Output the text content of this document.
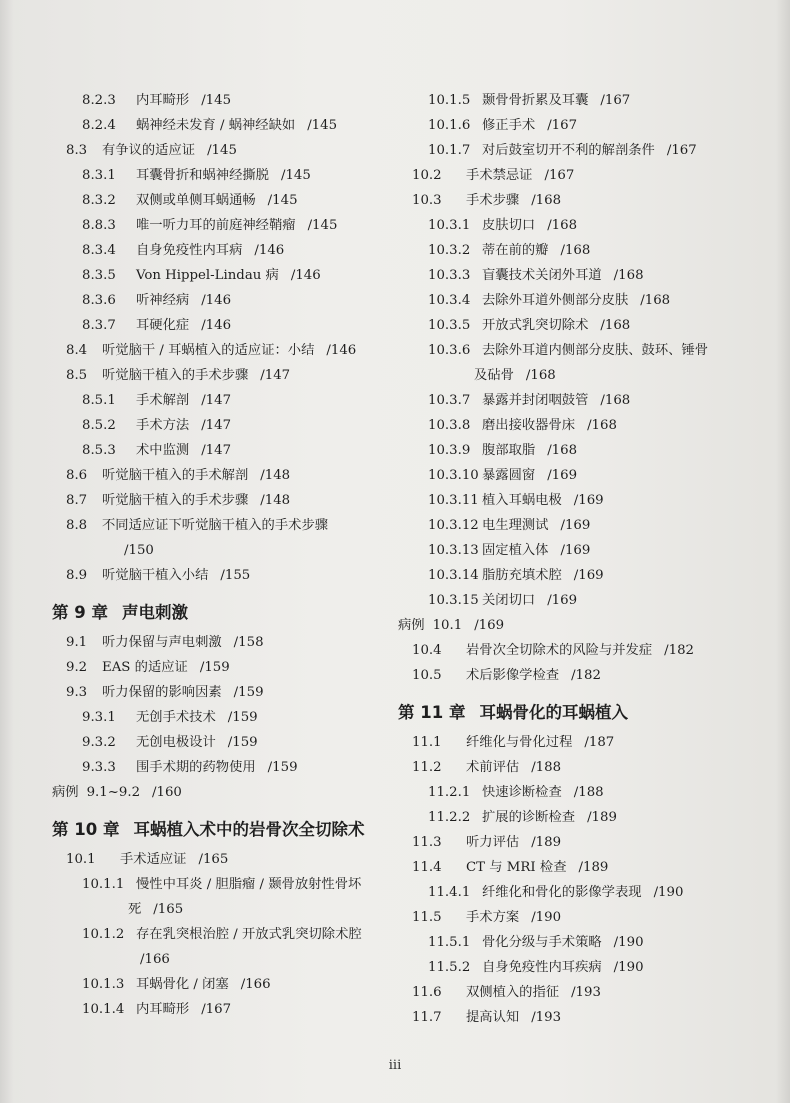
8.2.3 内耳畸形 /145
8.2.4 蜗神经未发育 / 蜗神经缺如 /145
8.3 有争议的适应证 /145
8.3.1 耳囊骨折和蜗神经撕脱 /145
8.3.2 双侧或单侧耳蜗通畅 /145
8.8.3 唯一听力耳的前庭神经鞘瘤 /145
8.3.4 自身免疫性内耳病 /146
8.3.5 Von Hippel-Lindau 病 /146
8.3.6 听神经病 /146
8.3.7 耳硬化症 /146
8.4 听觉脑干 / 耳蜗植入的适应证：小结 /146
8.5 听觉脑干植入的手术步骤 /147
8.5.1 手术解剖 /147
8.5.2 手术方法 /147
8.5.3 术中监测 /147
8.6 听觉脑干植入的手术解剖 /148
8.7 听觉脑干植入的手术步骤 /148
8.8 不同适应证下听觉脑干植入的手术步骤
/150
8.9 听觉脑干植入小结 /155
第 9 章 声电刺激
9.1 听力保留与声电刺激 /158
9.2 EAS 的适应证 /159
9.3 听力保留的影响因素 /159
9.3.1 无创手术技术 /159
9.3.2 无创电极设计 /159
9.3.3 围手术期的药物使用 /159
病例 9.1~9.2 /160
第 10 章 耳蜗植入术中的岩骨次全切除术
10.1 手术适应证 /165
10.1.1 慢性中耳炎 / 胆脂瘤 / 颞骨放射性骨坏
死 /165
10.1.2 存在乳突根治腔 / 开放式乳突切除术腔
/166
10.1.3 耳蜗骨化 / 闭塞 /166
10.1.4 内耳畸形 /167
10.1.5 颞骨骨折累及耳囊 /167
10.1.6 修正手术 /167
10.1.7 对后鼓室切开不利的解剖条件 /167
10.2 手术禁忌证 /167
10.3 手术步骤 /168
10.3.1 皮肤切口 /168
10.3.2 蒂在前的瓣 /168
10.3.3 盲囊技术关闭外耳道 /168
10.3.4 去除外耳道外侧部分皮肤 /168
10.3.5 开放式乳突切除术 /168
10.3.6 去除外耳道内侧部分皮肤、鼓环、锤骨
及砧骨 /168
10.3.7 暴露并封闭咽鼓管 /168
10.3.8 磨出接收器骨床 /168
10.3.9 腹部取脂 /168
10.3.10 暴露圆窗 /169
10.3.11 植入耳蜗电极 /169
10.3.12 电生理测试 /169
10.3.13 固定植入体 /169
10.3.14 脂肪充填术腔 /169
10.3.15 关闭切口 /169
病例 10.1 /169
10.4 岩骨次全切除术的风险与并发症 /182
10.5 术后影像学检查 /182
第 11 章 耳蜗骨化的耳蜗植入
11.1 纤维化与骨化过程 /187
11.2 术前评估 /188
11.2.1 快速诊断检查 /188
11.2.2 扩展的诊断检查 /189
11.3 听力评估 /189
11.4 CT 与 MRI 检查 /189
11.4.1 纤维化和骨化的影像学表现 /190
11.5 手术方案 /190
11.5.1 骨化分级与手术策略 /190
11.5.2 自身免疫性内耳疾病 /190
11.6 双侧植入的指征 /193
11.7 提高认知 /193
iii
